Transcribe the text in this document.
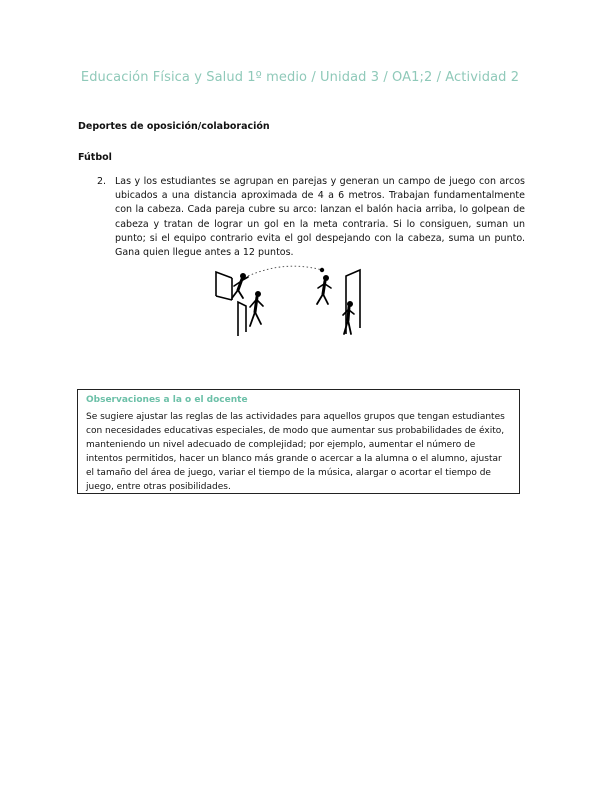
Educación Física y Salud 1º medio / Unidad 3 / OA1;2 / Actividad 2
Deportes de oposición/colaboración
Fútbol
2. Las y los estudiantes se agrupan en parejas y generan un campo de juego con arcos ubicados a una distancia aproximada de 4 a 6 metros. Trabajan fundamentalmente con la cabeza. Cada pareja cubre su arco: lanzan el balón hacia arriba, lo golpean de cabeza y tratan de lograr un gol en la meta contraria. Si lo consiguen, suman un punto; si el equipo contrario evita el gol despejando con la cabeza, suma un punto. Gana quien llegue antes a 12 puntos.
Observaciones a la o el docente
Se sugiere ajustar las reglas de las actividades para aquellos grupos que tengan estudiantes con necesidades educativas especiales, de modo que aumentar sus probabilidades de éxito, manteniendo un nivel adecuado de complejidad; por ejemplo, aumentar el número de intentos permitidos, hacer un blanco más grande o acercar a la alumna o el alumno, ajustar el tamaño del área de juego, variar el tiempo de la música, alargar o acortar el tiempo de juego, entre otras posibilidades.
